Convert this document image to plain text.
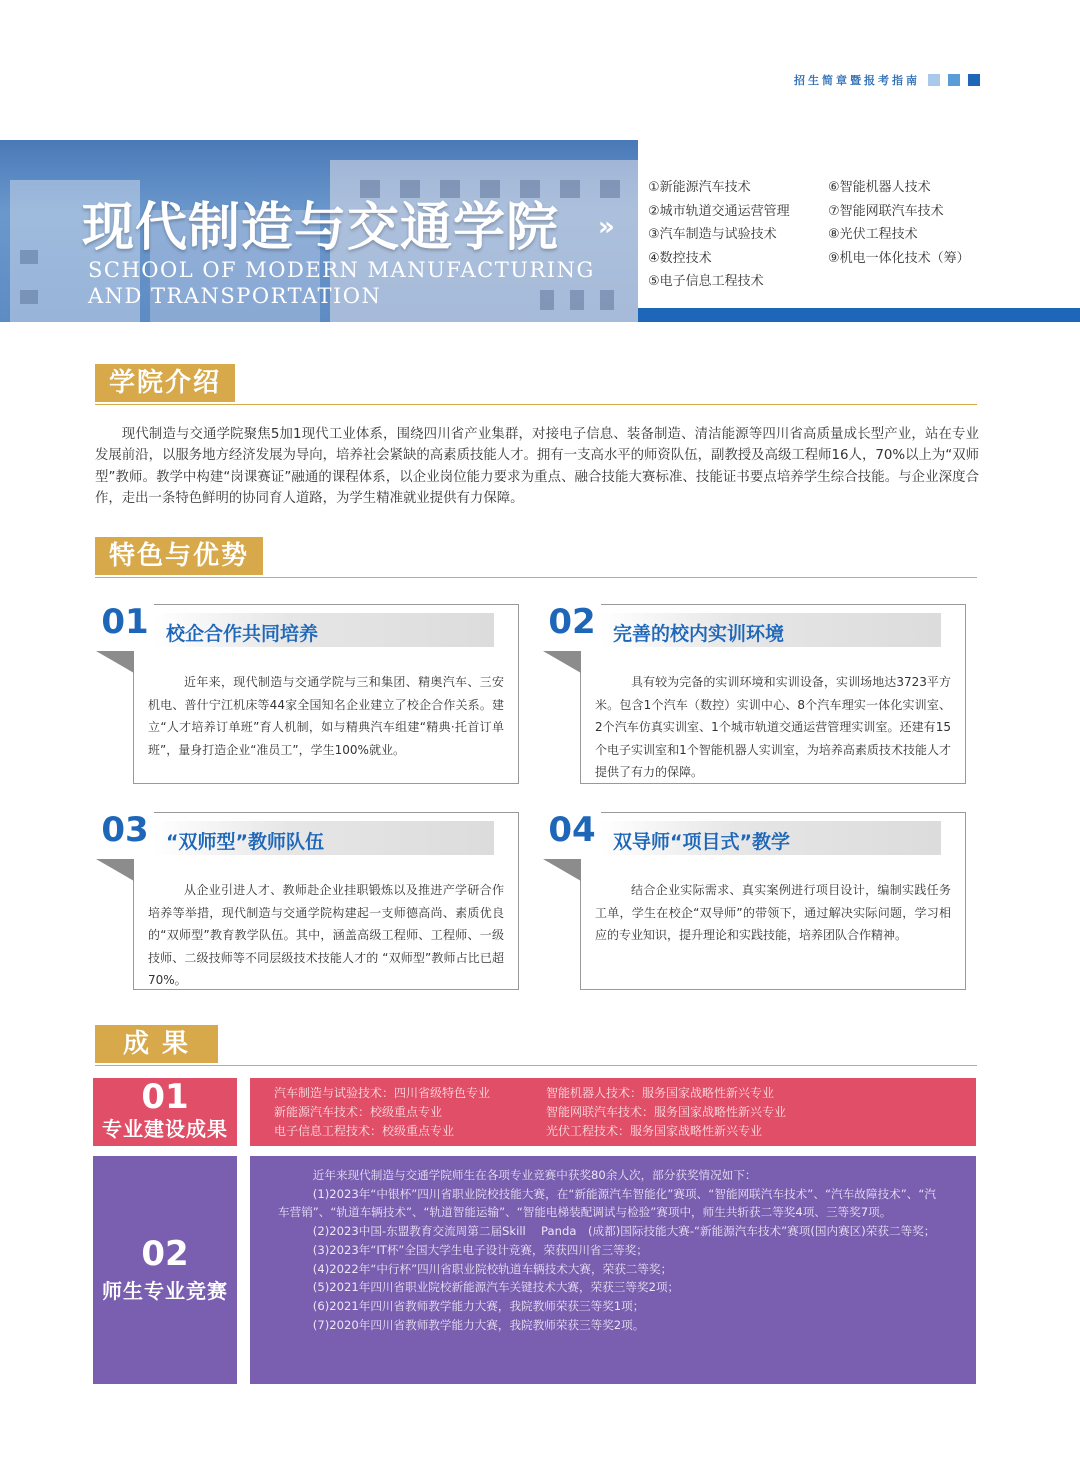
招生简章暨报考指南
现代制造与交通学院 »
SCHOOL OF MODERN MANUFACTURING
AND TRANSPORTATION
①新能源汽车技术
②城市轨道交通运营管理
③汽车制造与试验技术
④数控技术
⑤电子信息工程技术
⑥智能机器人技术
⑦智能网联汽车技术
⑧光伏工程技术
⑨机电一体化技术（筹）
学院介绍

现代制造与交通学院聚焦5加1现代工业体系，围绕四川省产业集群，对接电子信息、装备制造、清洁能源等四川省高质量成长型产业，站在专业发展前沿，以服务地方经济发展为导向，培养社会紧缺的高素质技能人才。拥有一支高水平的师资队伍，副教授及高级工程师16人，70%以上为“双师型”教师。教学中构建“岗课赛证”融通的课程体系，以企业岗位能力要求为重点、融合技能大赛标准、技能证书要点培养学生综合技能。与企业深度合作，走出一条特色鲜明的协同育人道路，为学生精准就业提供有力保障。

特色与优势
01 校企合作共同培养

近年来，现代制造与交通学院与三和集团、精奥汽车、三安机电、普什宁江机床等44家全国知名企业建立了校企合作关系。建立“人才培养订单班”育人机制，如与精典汽车组建“精典·托首订单班”，量身打造企业“准员工”，学生100%就业。

02 完善的校内实训环境

具有较为完备的实训环境和实训设备，实训场地达3723平方米。包含1个汽车（数控）实训中心、8个汽车理实一体化实训室、2个汽车仿真实训室、1个城市轨道交通运营管理实训室。还建有15个电子实训室和1个智能机器人实训室，为培养高素质技术技能人才提供了有力的保障。

03 “双师型”教师队伍

从企业引进人才、教师赴企业挂职锻炼以及推进产学研合作培养等举措，现代制造与交通学院构建起一支师德高尚、素质优良的“双师型”教育教学队伍。其中，涵盖高级工程师、工程师、一级技师、二级技师等不同层级技术技能人才的 “双师型”教师占比已超 70%。

04 双导师“项目式”教学

结合企业实际需求、真实案例进行项目设计，编制实践任务工单，学生在校企“双导师”的带领下，通过解决实际问题，学习相应的专业知识，提升理论和实践技能，培养团队合作精神。

成 果
01
专业建设成果
汽车制造与试验技术：四川省级特色专业
新能源汽车技术：校级重点专业
电子信息工程技术：校级重点专业
智能机器人技术：服务国家战略性新兴专业
智能网联汽车技术：服务国家战略性新兴专业
光伏工程技术：服务国家战略性新兴专业
02
师生专业竞赛

近年来现代制造与交通学院师生在各项专业竞赛中获奖80余人次，部分获奖情况如下：

(1)2023年“中银杯”四川省职业院校技能大赛，在“新能源汽车智能化”赛项、“智能网联汽车技术”、“汽车故障技术”、“汽车营销”、“轨道车辆技术”、“轨道智能运输”、“智能电梯装配调试与检验”赛项中，师生共斩获二等奖4项、三等奖7项。

(2)2023中国-东盟教育交流周第二届Skill　 Panda　(成都)国际技能大赛-“新能源汽车技术”赛项(国内赛区)荣获二等奖；

(3)2023年“IT杯”全国大学生电子设计竞赛，荣获四川省三等奖；

(4)2022年“中行杯”四川省职业院校轨道车辆技术大赛，荣获二等奖；

(5)2021年四川省职业院校新能源汽车关键技术大赛，荣获三等奖2项；

(6)2021年四川省教师教学能力大赛，我院教师荣获三等奖1项；

(7)2020年四川省教师教学能力大赛，我院教师荣获三等奖2项。
